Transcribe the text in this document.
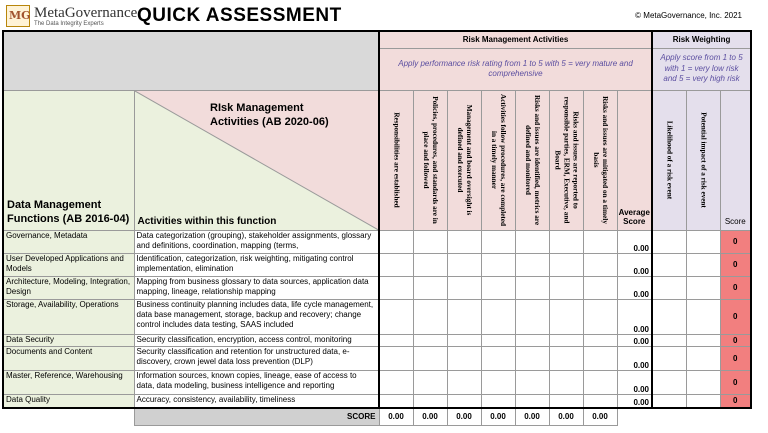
MG MetaGovernance
The Data Integrity Experts QUICK ASSESSMENT	© MetaGovernance, Inc. 2021
		Risk Management Activities								Risk Weighting			
		Apply performance risk rating from 1 to 5 with 5 = very mature and comprehensive								Apply score from 1 to 5 with 1 = very low risk and 5 = very high risk			

Data Management Functions (AB 2016-04)	RIsk Management Activities (AB 2020-06)
Activities within this function	Responsibilities are established	Policies, procedures, and standards are in place and followed	Management and board oversight is defined and executed	Activities follow procedures, are completed in a timely manner	Risks and issues are identified, metrics are defined and monitored	Risks and issues are reported to responsible parties, ERM, Executive, and Board	Risks and issues are mitigated on a timely basis	Average Score	Likelihood of a risk event	Potential impact of a risk event	Score	
Governance, Metadata	Data categorization (grouping), stakeholder assignments, glossary and definitions, coordination, mapping (terms,								0.00			0	
User Developed Applications and Models	Identification, categorization, risk weighting, mitigating control implementation, elimination								0.00			0	
Architecture, Modeling, Integration, Design	Mapping from business glossary to data sources, application data mapping, lineage, relationship mapping								0.00			0	
Storage, Availability, Operations	Business continuity planning includes data, life cycle management, data base management, storage, backup and recovery; change control includes data testing, SAAS included								0.00			0	
Data Security	Security classification, encryption, access control, monitoring								0.00			0	
Documents and Content	Security classification and retention for unstructured data, e-discovery, crown jewel data loss prevention (DLP)								0.00			0	
Master, Reference, Warehousing	Information sources, known copies, lineage, ease of access to data, data modeling, business intelligence and reporting								0.00			0	
Data Quality	Accuracy, consistency, availability, timeliness								0.00			0	
	SCORE	0.00	0.00	0.00	0.00	0.00	0.00	0.00					
